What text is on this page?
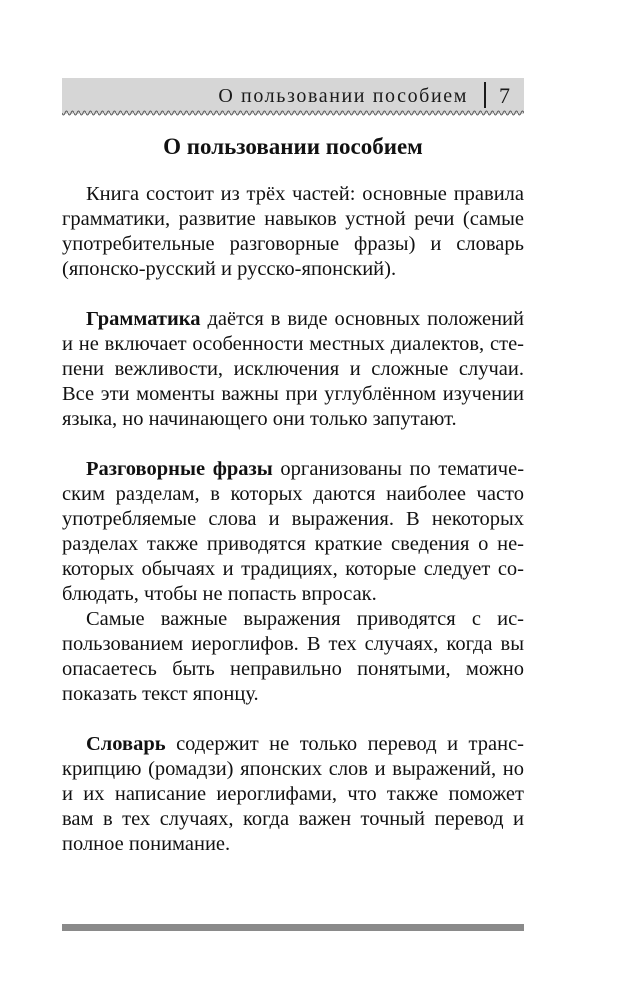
О пользовании пособием 7
О пользовании пособием

Книга состоит из трёх частей: основные правила грамматики, развитие навыков устной речи (самые употребительные разговорные фразы) и словарь (японско-русский и русско-японский).

Грамматика даётся в виде основных положений и не включает особенности местных диалектов, степени вежливости, исключения и сложные случаи. Все эти моменты важны при углублённом изучении языка, но начинающего они только запутают.

Разговорные фразы организованы по тематическим разделам, в которых даются наиболее часто употребляемые слова и выражения. В некоторых разделах также приводятся краткие сведения о некоторых обычаях и традициях, которые следует соблюдать, чтобы не попасть впросак.

Самые важные выражения приводятся с использованием иероглифов. В тех случаях, когда вы опасаетесь быть неправильно понятыми, можно показать текст японцу.

Словарь содержит не только перевод и транскрипцию (ромадзи) японских слов и выражений, но и их написание иероглифами, что также поможет вам в тех случаях, когда важен точный перевод и полное понимание.
